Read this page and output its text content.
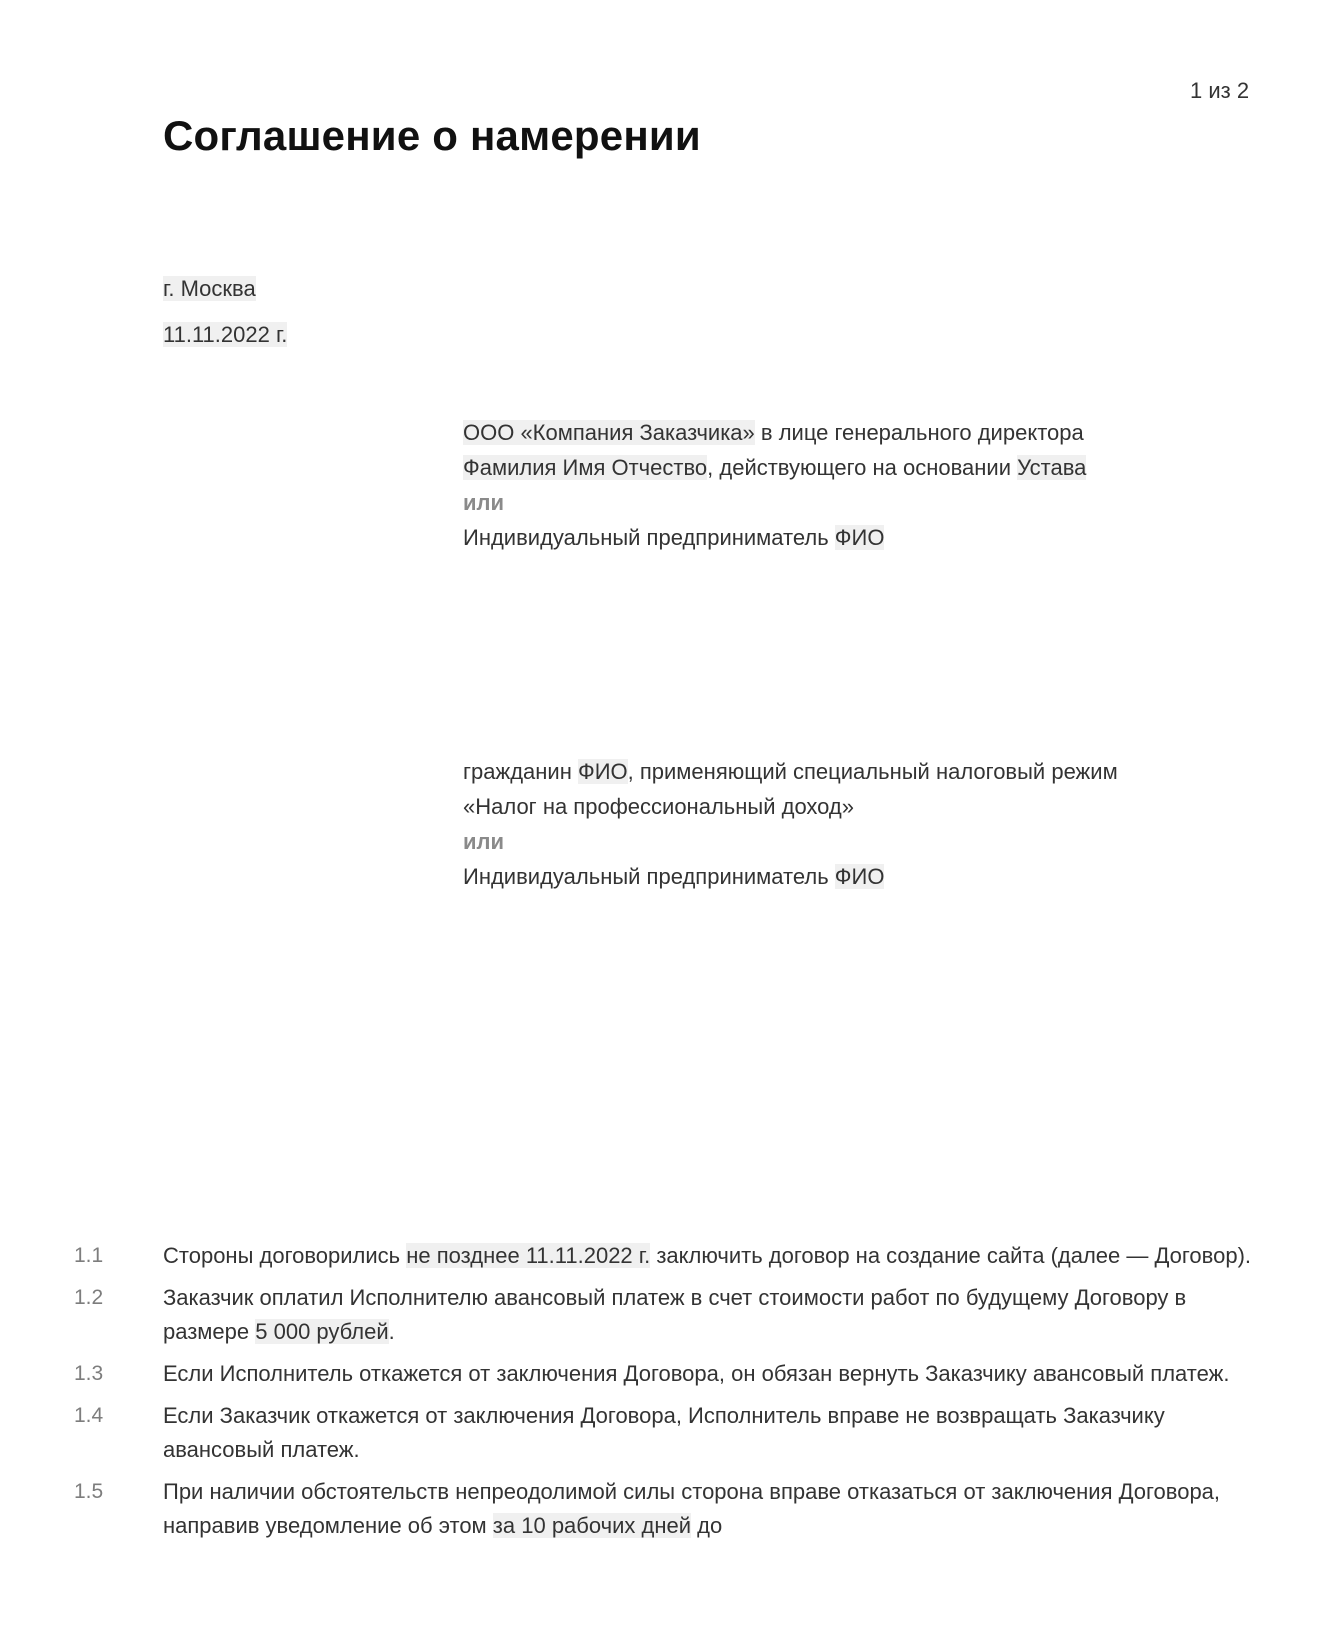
1 из 2
Соглашение о намерении
г. Москва
11.11.2022 г.
ООО «Компания Заказчика» в лице генерального директора
Фамилия Имя Отчество, действующего на основании Устава
или
Индивидуальный предприниматель ФИО
гражданин ФИО, применяющий специальный налоговый режим
«Налог на профессиональный доход»
или
Индивидуальный предприниматель ФИО
1.1	Стороны договорились не позднее 11.11.2022 г. заключить договор на создание сайта (далее — Договор).
1.2	Заказчик оплатил Исполнителю авансовый платеж в счет стоимости работ по будущему Договору в размере 5 000 рублей.
1.3	Если Исполнитель откажется от заключения Договора, он обязан вернуть Заказчику авансовый платеж.
1.4	Если Заказчик откажется от заключения Договора, Исполнитель вправе не возвращать Заказчику авансовый платеж.
1.5	При наличии обстоятельств непреодолимой силы сторона вправе отказаться от заключения Договора, направив уведомление об этом за 10 рабочих дней до
